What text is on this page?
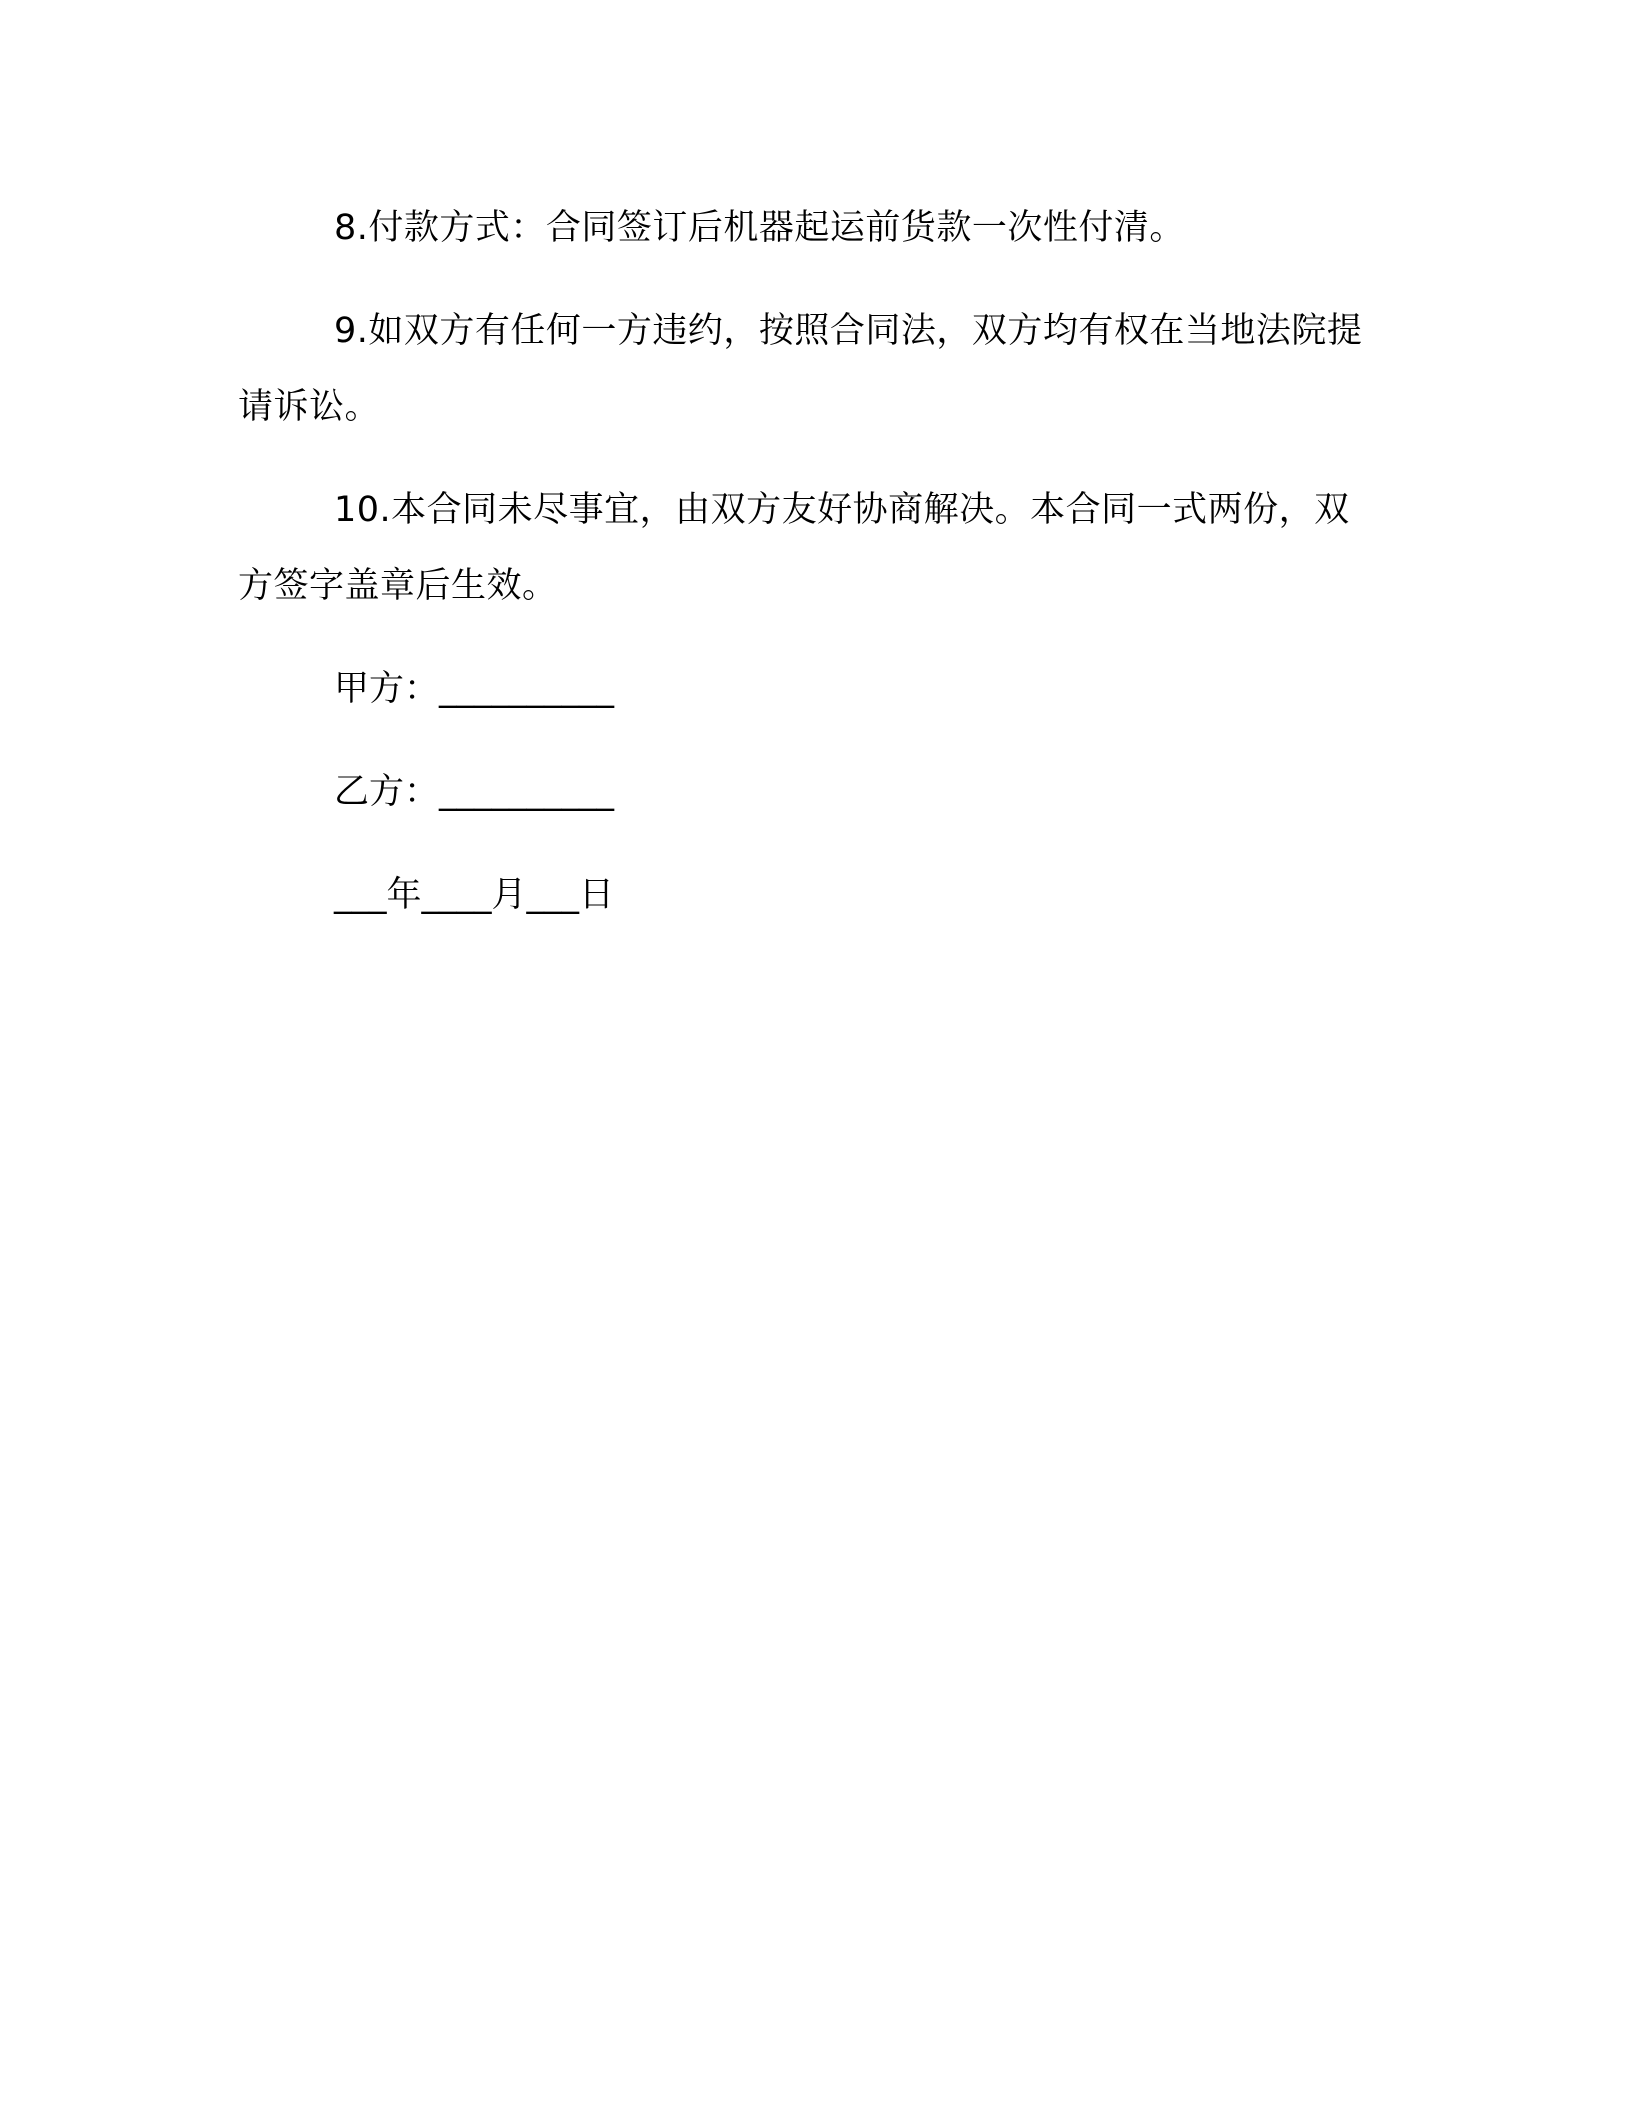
8.付款方式：合同签订后机器起运前货款一次性付清。

9.如双方有任何一方违约，按照合同法，双方均有权在当地法院提请诉讼。

10.本合同未尽事宜，由双方友好协商解决。本合同一式两份，双方签字盖章后生效。

甲方：__________
乙方：__________
___年____月___日
